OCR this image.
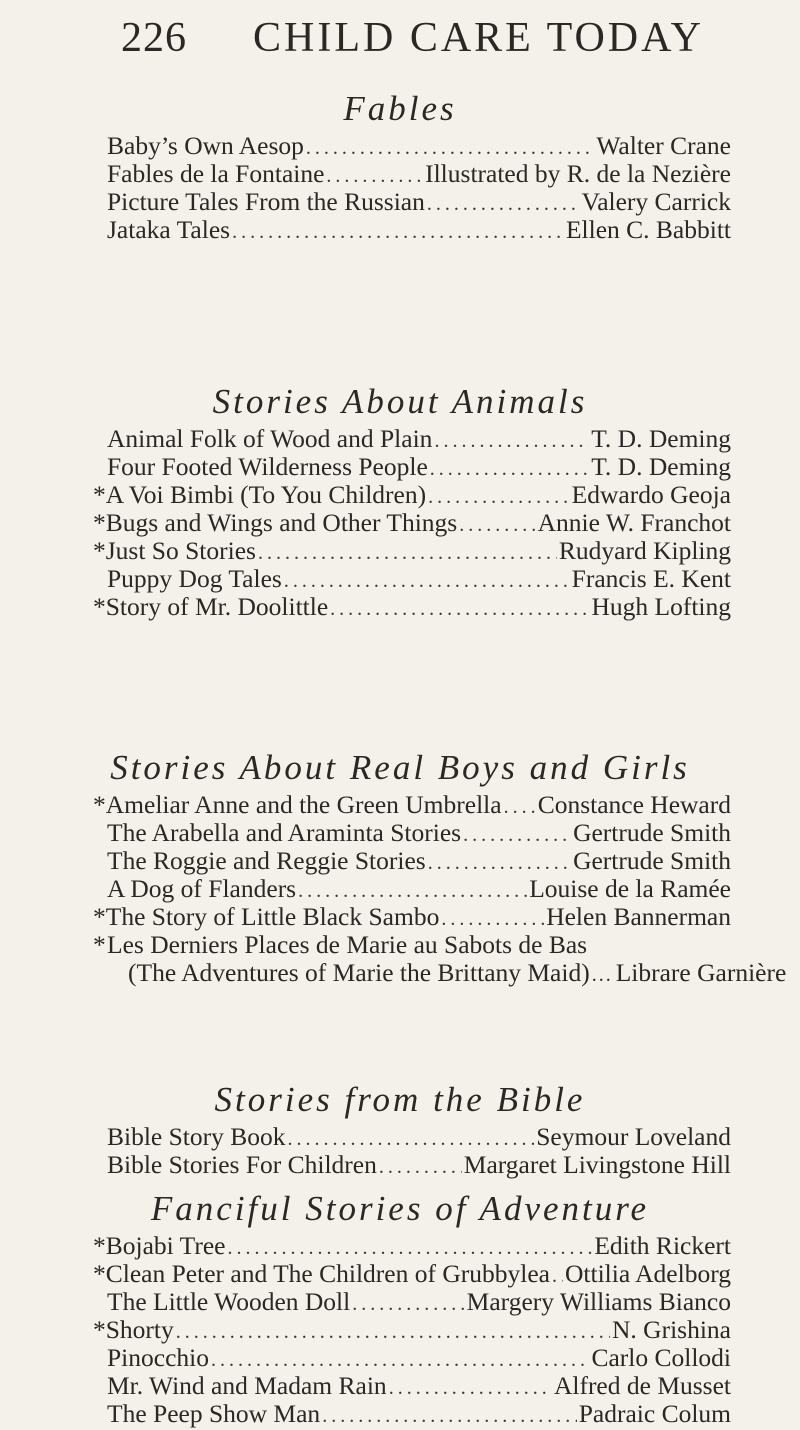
226 CHILD CARE TODAY
Fables
Baby’s Own Aesop .....	Walter Crane
Fables de la Fontaine .....	Illustrated by R. de la Nezière
Picture Tales From the Russian .....	Valery Carrick
Jataka Tales .....	Ellen C. Babbitt
Stories About Animals
Animal Folk of Wood and Plain .....	T. D. Deming
Four Footed Wilderness People .....	T. D. Deming
* A Voi Bimbi (To You Children) .....	Edwardo Geoja
* Bugs and Wings and Other Things .....	Annie W. Franchot
* Just So Stories .....	Rudyard Kipling
Puppy Dog Tales .....	Francis E. Kent
* Story of Mr. Doolittle .....	Hugh Lofting
Stories About Real Boys and Girls
* Ameliar Anne and the Green Umbrella ..... Constance Heward
The Arabella and Araminta Stories .....	Gertrude Smith
The Roggie and Reggie Stories .....	Gertrude Smith
A Dog of Flanders .....	Louise de la Ramée
* The Story of Little Black Sambo .....	Helen Bannerman
* Les Derniers Places de Marie au Sabots de Bas
(The Adventures of Marie the Brittany Maid) ..... Librare Garnière
Stories from the Bible
Bible Story Book .....	Seymour Loveland
Bible Stories For Children .....	Margaret Livingstone Hill
Fanciful Stories of Adventure
* Bojabi Tree .....	Edith Rickert
* Clean Peter and The Children of Grubbylea ..... Ottilia Adelborg
The Little Wooden Doll .....	Margery Williams Bianco
* Shorty .....	N. Grishina
Pinocchio .....	Carlo Collodi
Mr. Wind and Madam Rain .....	Alfred de Musset
The Peep Show Man .....	Padraic Colum
